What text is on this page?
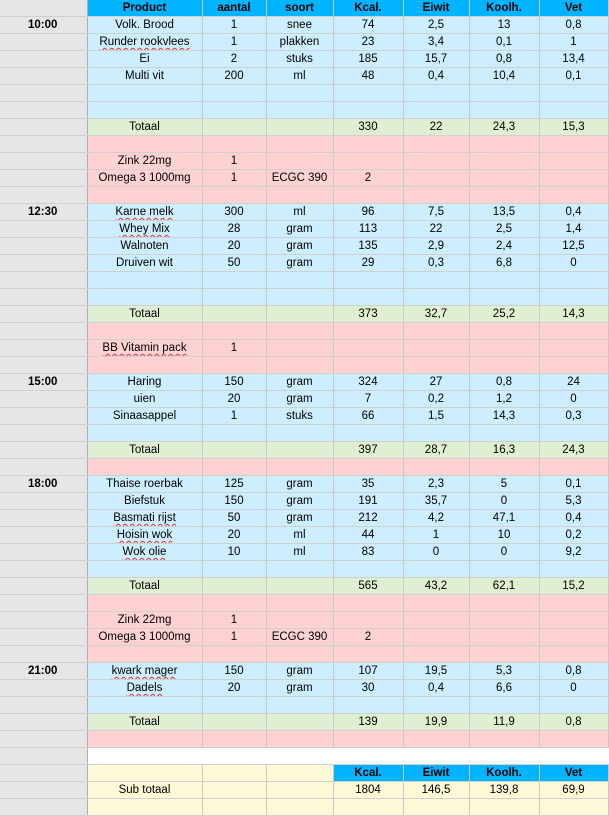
	Product	aantal	soort	Kcal.	Eiwit	Koolh.	Vet
10:00	Volk. Brood	1	snee	74	2,5	13	0,8
	Runder rookvlees	1	plakken	23	3,4	0,1	1
	Ei	2	stuks	185	15,7	0,8	13,4
	Multi vit	200	ml	48	0,4	10,4	0,1

	Totaal			330	22	24,3	15,3

	Zink 22mg	1					
	Omega 3 1000mg	1	ECGC 390	2			

12:30	Karne melk	300	ml	96	7,5	13,5	0,4
	Whey Mix	28	gram	113	22	2,5	1,4
	Walnoten	20	gram	135	2,9	2,4	12,5
	Druiven wit	50	gram	29	0,3	6,8	0

	Totaal			373	32,7	25,2	14,3

	BB Vitamin pack	1					

15:00	Haring	150	gram	324	27	0,8	24
	uien	20	gram	7	0,2	1,2	0
	Sinaasappel	1	stuks	66	1,5	14,3	0,3

	Totaal			397	28,7	16,3	24,3

18:00	Thaise roerbak	125	gram	35	2,3	5	0,1
	Biefstuk	150	gram	191	35,7	0	5,3
	Basmati rijst	50	gram	212	4,2	47,1	0,4
	Hoisin wok	20	ml	44	1	10	0,2
	Wok olie	10	ml	83	0	0	9,2

	Totaal			565	43,2	62,1	15,2

	Zink 22mg	1					
	Omega 3 1000mg	1	ECGC 390	2			

21:00	kwark mager	150	gram	107	19,5	5,3	0,8
	Dadels	20	gram	30	0,4	6,6	0

	Totaal			139	19,9	11,9	0,8

				Kcal.	Eiwit	Koolh.	Vet
	Sub totaal			1804	146,5	139,8	69,9
